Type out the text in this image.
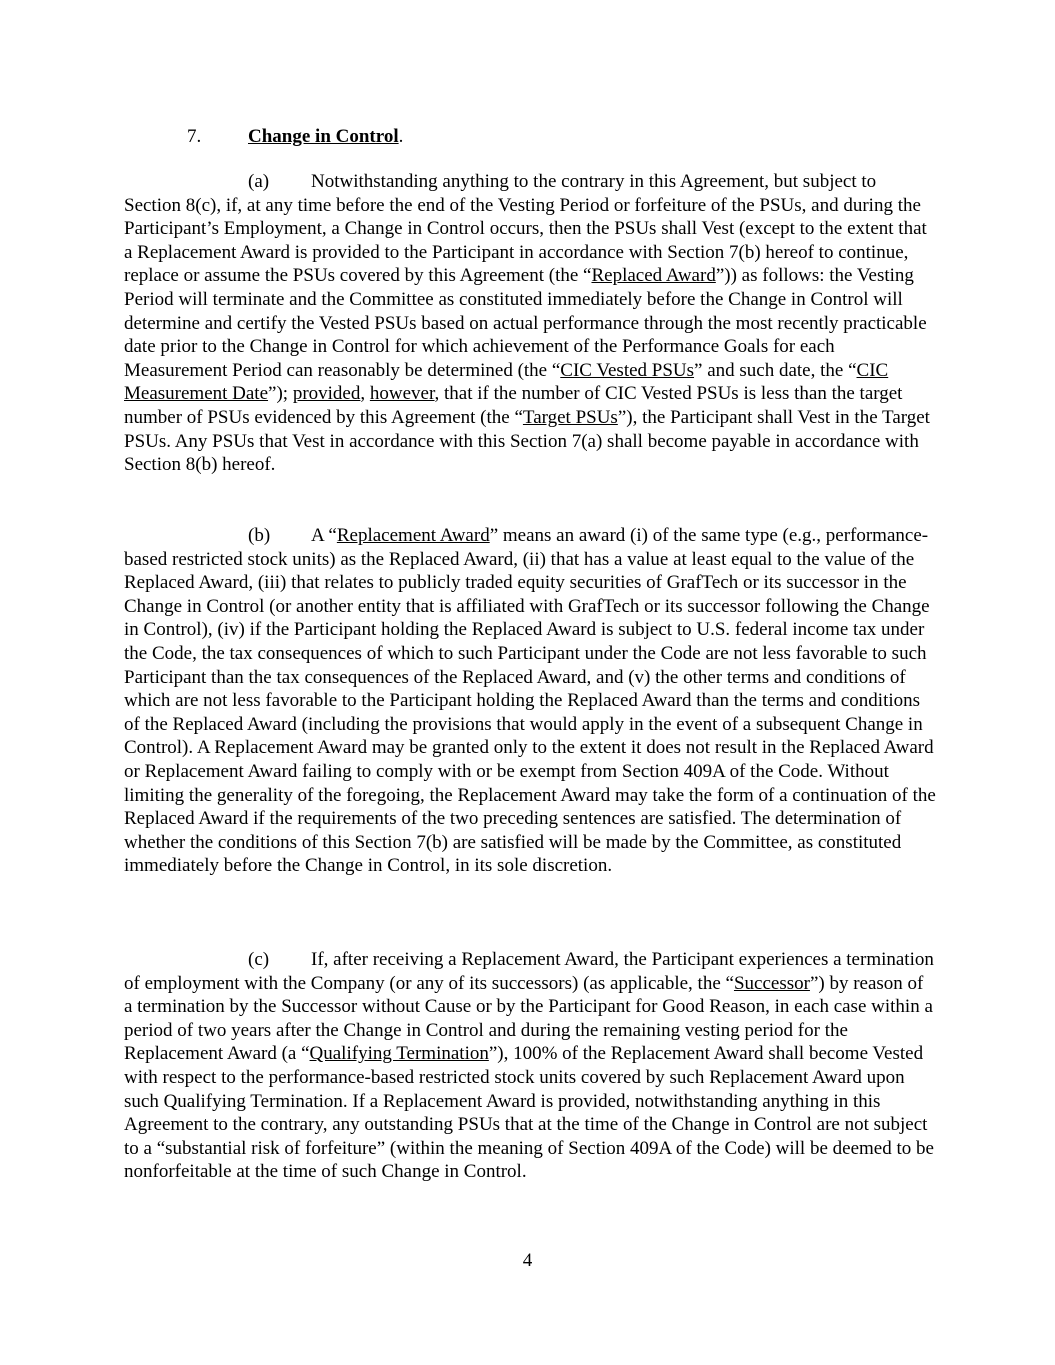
7. Change in Control.

(a) Notwithstanding anything to the contrary in this Agreement, but subject to Section 8(c), if, at any time before the end of the Vesting Period or forfeiture of the PSUs, and during the Participant’s Employment, a Change in Control occurs, then the PSUs shall Vest (except to the extent that a Replacement Award is provided to the Participant in accordance with Section 7(b) hereof to continue, replace or assume the PSUs covered by this Agreement (the “Replaced Award”)) as follows: the Vesting Period will terminate and the Committee as constituted immediately before the Change in Control will determine and certify the Vested PSUs based on actual performance through the most recently practicable date prior to the Change in Control for which achievement of the Performance Goals for each Measurement Period can reasonably be determined (the “CIC Vested PSUs” and such date, the “CIC Measurement Date”); provided, however, that if the number of CIC Vested PSUs is less than the target number of PSUs evidenced by this Agreement (the “Target PSUs”), the Participant shall Vest in the Target PSUs. Any PSUs that Vest in accordance with this Section 7(a) shall become payable in accordance with Section 8(b) hereof.

(b) A “Replacement Award” means an award (i) of the same type (e.g., performance-based restricted stock units) as the Replaced Award, (ii) that has a value at least equal to the value of the Replaced Award, (iii) that relates to publicly traded equity securities of GrafTech or its successor in the Change in Control (or another entity that is affiliated with GrafTech or its successor following the Change in Control), (iv) if the Participant holding the Replaced Award is subject to U.S. federal income tax under the Code, the tax consequences of which to such Participant under the Code are not less favorable to such Participant than the tax consequences of the Replaced Award, and (v) the other terms and conditions of which are not less favorable to the Participant holding the Replaced Award than the terms and conditions of the Replaced Award (including the provisions that would apply in the event of a subsequent Change in Control). A Replacement Award may be granted only to the extent it does not result in the Replaced Award or Replacement Award failing to comply with or be exempt from Section 409A of the Code. Without limiting the generality of the foregoing, the Replacement Award may take the form of a continuation of the Replaced Award if the requirements of the two preceding sentences are satisfied. The determination of whether the conditions of this Section 7(b) are satisfied will be made by the Committee, as constituted immediately before the Change in Control, in its sole discretion.

(c) If, after receiving a Replacement Award, the Participant experiences a termination of employment with the Company (or any of its successors) (as applicable, the “Successor”) by reason of a termination by the Successor without Cause or by the Participant for Good Reason, in each case within a period of two years after the Change in Control and during the remaining vesting period for the Replacement Award (a “Qualifying Termination”), 100% of the Replacement Award shall become Vested with respect to the performance-based restricted stock units covered by such Replacement Award upon such Qualifying Termination. If a Replacement Award is provided, notwithstanding anything in this Agreement to the contrary, any outstanding PSUs that at the time of the Change in Control are not subject to a “substantial risk of forfeiture” (within the meaning of Section 409A of the Code) will be deemed to be nonforfeitable at the time of such Change in Control.

4
